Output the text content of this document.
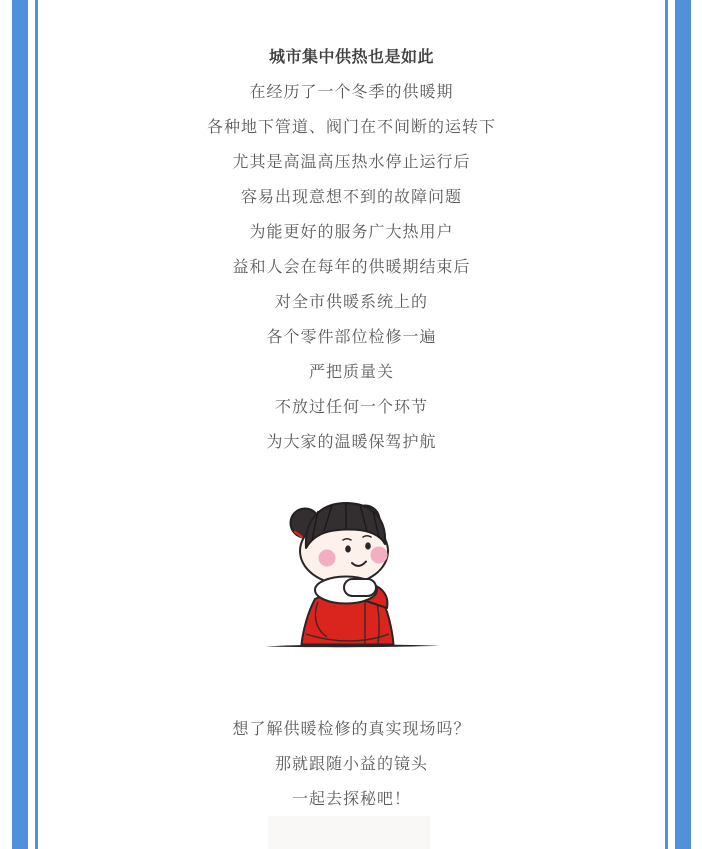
城市集中供热也是如此
在经历了一个冬季的供暖期
各种地下管道、阀门在不间断的运转下
尤其是高温高压热水停止运行后
容易出现意想不到的故障问题
为能更好的服务广大热用户
益和人会在每年的供暖期结束后
对全市供暖系统上的
各个零件部位检修一遍
严把质量关
不放过任何一个环节
为大家的温暖保驾护航
想了解供暖检修的真实现场吗？
那就跟随小益的镜头
一起去探秘吧！
